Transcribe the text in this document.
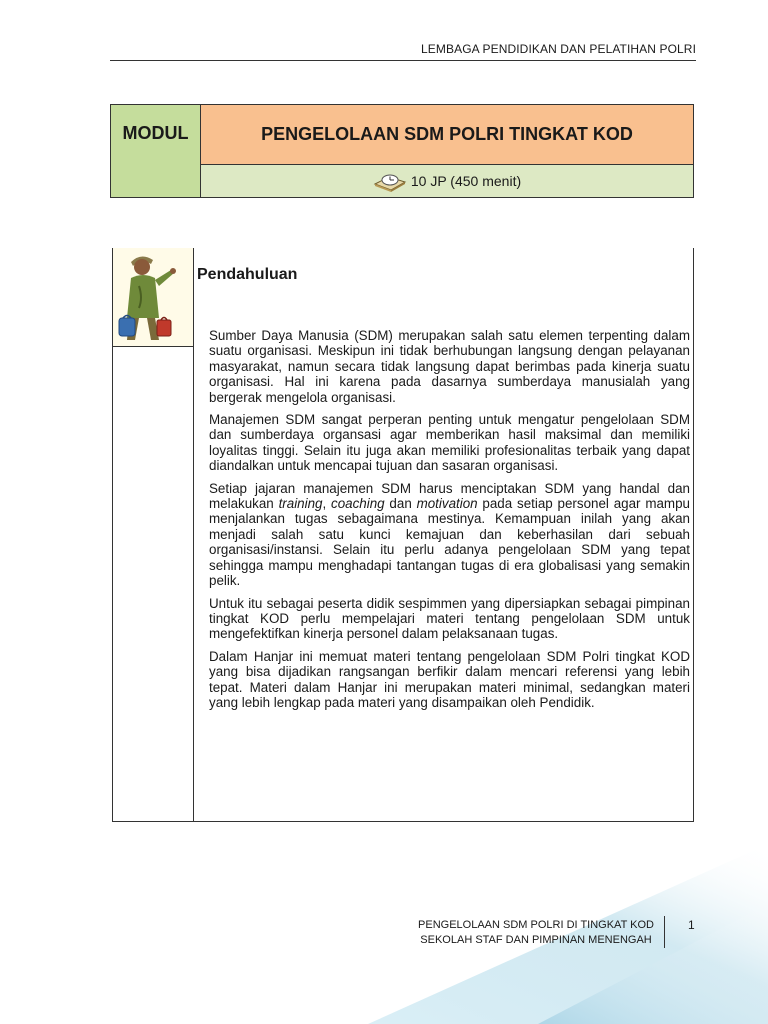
LEMBAGA PENDIDIKAN DAN PELATIHAN POLRI
MODUL	PENGELOLAAN SDM POLRI TINGKAT KOD
10 JP (450 menit)
Pendahuluan

Sumber Daya Manusia (SDM) merupakan salah satu elemen terpenting dalam suatu organisasi. Meskipun ini tidak berhubungan langsung dengan pelayanan masyarakat, namun secara tidak langsung dapat berimbas pada kinerja suatu organisasi. Hal ini karena pada dasarnya sumberdaya manusialah yang bergerak mengelola organisasi.

Manajemen SDM sangat perperan penting untuk mengatur pengelolaan SDM dan sumberdaya organsasi agar memberikan hasil maksimal dan memiliki loyalitas tinggi. Selain itu juga akan memiliki profesionalitas terbaik yang dapat diandalkan untuk mencapai tujuan dan sasaran organisasi.

Setiap jajaran manajemen SDM harus menciptakan SDM yang handal dan melakukan training, coaching dan motivation pada setiap personel agar mampu menjalankan tugas sebagaimana mestinya. Kemampuan inilah yang akan menjadi salah satu kunci kemajuan dan keberhasilan dari sebuah organisasi/instansi. Selain itu perlu adanya pengelolaan SDM yang tepat sehingga mampu menghadapi tantangan tugas di era globalisasi yang semakin pelik.

Untuk itu sebagai peserta didik sespimmen yang dipersiapkan sebagai pimpinan tingkat KOD perlu mempelajari materi tentang pengelolaan SDM untuk mengefektifkan kinerja personel dalam pelaksanaan tugas.

Dalam Hanjar ini memuat materi tentang pengelolaan SDM Polri tingkat KOD yang bisa dijadikan rangsangan berfikir dalam mencari referensi yang lebih tepat. Materi dalam Hanjar ini merupakan materi minimal, sedangkan materi yang lebih lengkap pada materi yang disampaikan oleh Pendidik.

PENGELOLAAN SDM POLRI DI TINGKAT KOD
SEKOLAH STAF DAN PIMPINAN MENENGAH
1
